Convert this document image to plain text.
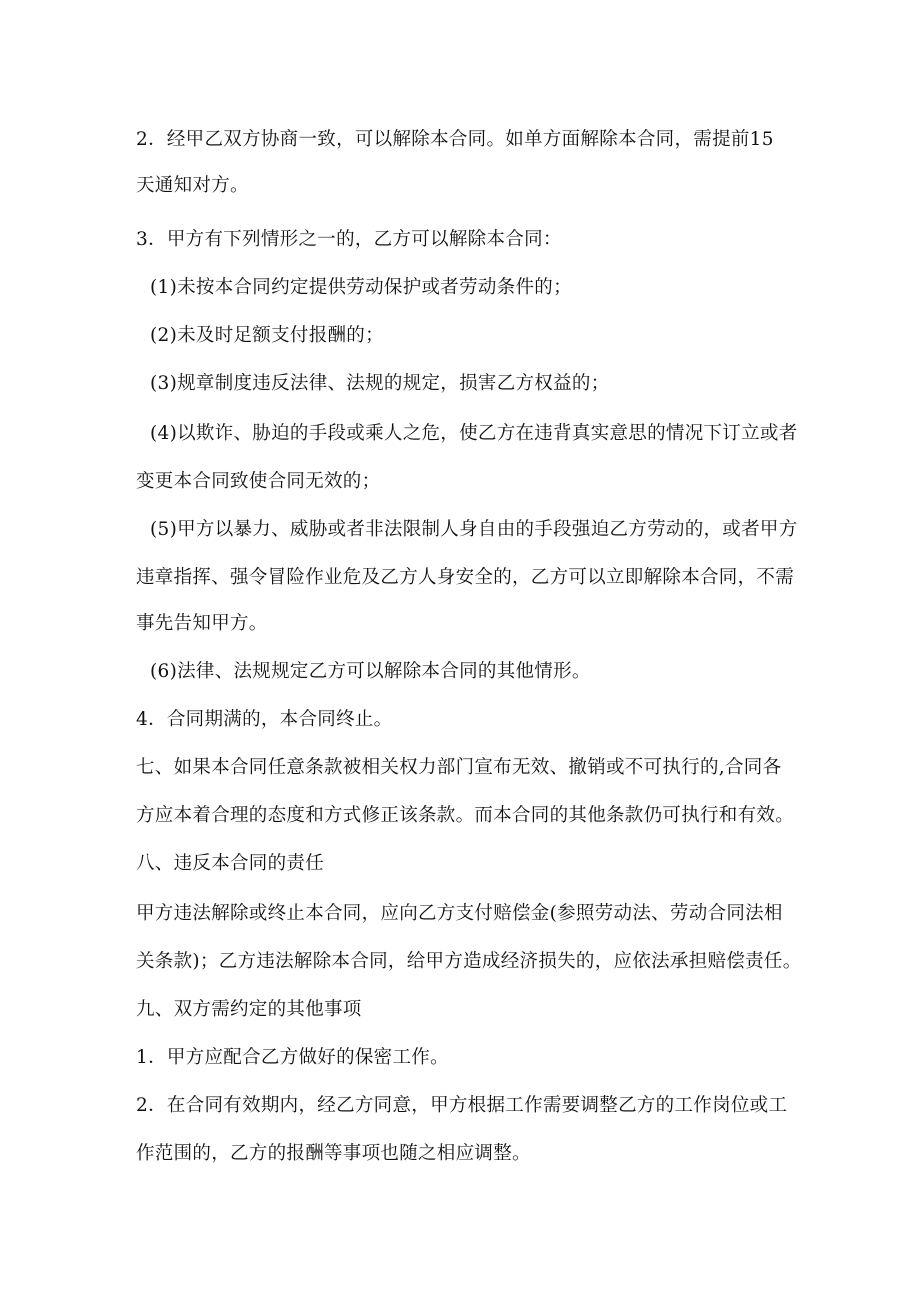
2．经甲乙双方协商一致，可以解除本合同。如单方面解除本合同，需提前15
天通知对方。
3．甲方有下列情形之一的，乙方可以解除本合同：
(1)未按本合同约定提供劳动保护或者劳动条件的；
(2)未及时足额支付报酬的；
(3)规章制度违反法律、法规的规定，损害乙方权益的；
(4)以欺诈、胁迫的手段或乘人之危，使乙方在违背真实意思的情况下订立或者
变更本合同致使合同无效的；
(5)甲方以暴力、威胁或者非法限制人身自由的手段强迫乙方劳动的，或者甲方
违章指挥、强令冒险作业危及乙方人身安全的，乙方可以立即解除本合同，不需
事先告知甲方。
(6)法律、法规规定乙方可以解除本合同的其他情形。
4．合同期满的，本合同终止。
七、如果本合同任意条款被相关权力部门宣布无效、撤销或不可执行的,合同各
方应本着合理的态度和方式修正该条款。而本合同的其他条款仍可执行和有效。
八、违反本合同的责任
甲方违法解除或终止本合同，应向乙方支付赔偿金(参照劳动法、劳动合同法相
关条款)；乙方违法解除本合同，给甲方造成经济损失的，应依法承担赔偿责任。
九、双方需约定的其他事项
1．甲方应配合乙方做好的保密工作。
2．在合同有效期内，经乙方同意，甲方根据工作需要调整乙方的工作岗位或工
作范围的，乙方的报酬等事项也随之相应调整。
